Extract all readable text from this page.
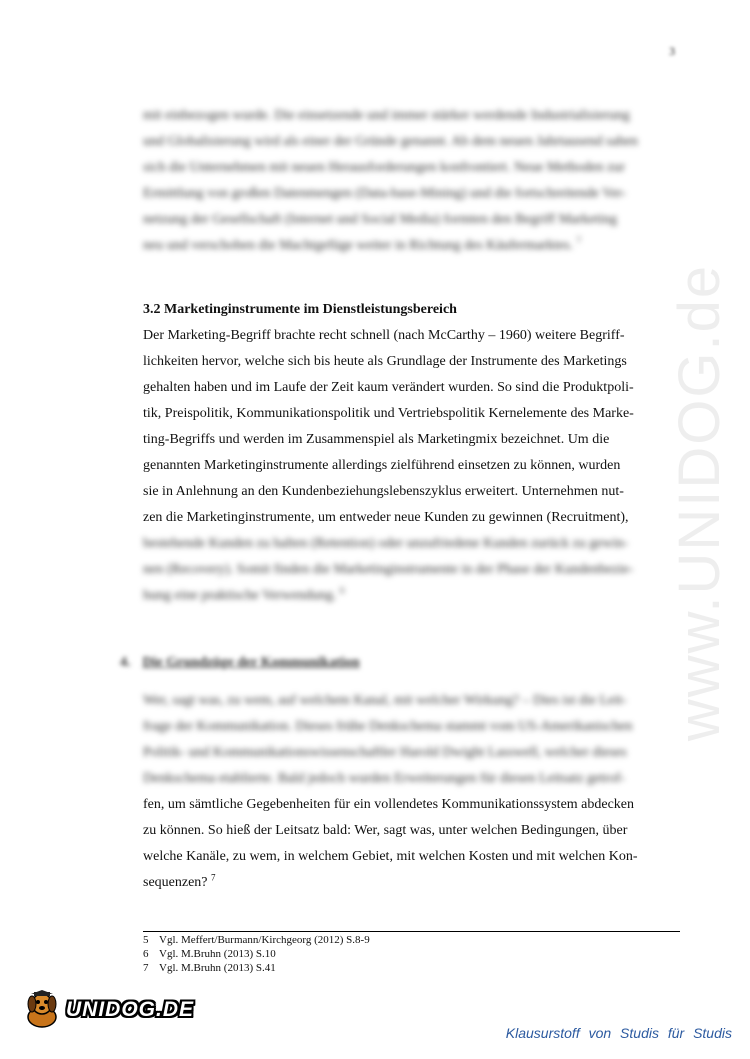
3
www.UNIDOG.de
mit einbezogen wurde. Die einsetzende und immer stärker werdende Industrialisierung
und Globalisierung wird als einer der Gründe genannt. Ab dem neuen Jahrtausend sahen
sich die Unternehmen mit neuen Herausforderungen konfrontiert. Neue Methoden zur
Ermittlung von großen Datenmengen (Data-base-Mining) und die fortschreitende Ver-
netzung der Gesellschaft (Internet und Social Media) formten den Begriff Marketing
neu und verschoben die Machtgefüge weiter in Richtung des Käufermarktes. $^7$
3.2 Marketinginstrumente im Dienstleistungsbereich
Der Marketing-Begriff brachte recht schnell (nach McCarthy – 1960) weitere Begriff-
lichkeiten hervor, welche sich bis heute als Grundlage der Instrumente des Marketings
gehalten haben und im Laufe der Zeit kaum verändert wurden. So sind die Produktpoli-
tik, Preispolitik, Kommunikationspolitik und Vertriebspolitik Kernelemente des Marke-
ting-Begriffs und werden im Zusammenspiel als Marketingmix bezeichnet. Um die
genannten Marketinginstrumente allerdings zielführend einsetzen zu können, wurden
sie in Anlehnung an den Kundenbeziehungslebenszyklus erweitert. Unternehmen nut-
zen die Marketinginstrumente, um entweder neue Kunden zu gewinnen (Recruitment),
bestehende Kunden zu halten (Retention) oder unzufriedene Kunden zurück zu gewin-
nen (Recovery). Somit finden die Marketinginstrumente in der Phase der Kundenbezie-
hung eine praktische Verwendung. $^6$
4. Die Grundzüge der Kommunikation
Wer, sagt was, zu wem, auf welchem Kanal, mit welcher Wirkung? – Dies ist die Leit-
frage der Kommunikation. Dieses frühe Denkschema stammt vom US-Amerikanischen
Politik- und Kommunikationswissenschaftler Harold Dwight Lasswell, welcher dieses
Denkschema etablierte. Bald jedoch wurden Erweiterungen für diesen Leitsatz getrof-
fen, um sämtliche Gegebenheiten für ein vollendetes Kommunikationssystem abdecken
zu können. So hieß der Leitsatz bald: Wer, sagt was, unter welchen Bedingungen, über
welche Kanäle, zu wem, in welchem Gebiet, mit welchen Kosten und mit welchen Kon-
sequenzen? $^7$
5 Vgl. Meffert/Burmann/Kirchgeorg (2012) S.8-9
6 Vgl. M.Bruhn (2013) S.10
7 Vgl. M.Bruhn (2013) S.41
UNIDOG.DE
Klausurstoff von Studis für Studis
